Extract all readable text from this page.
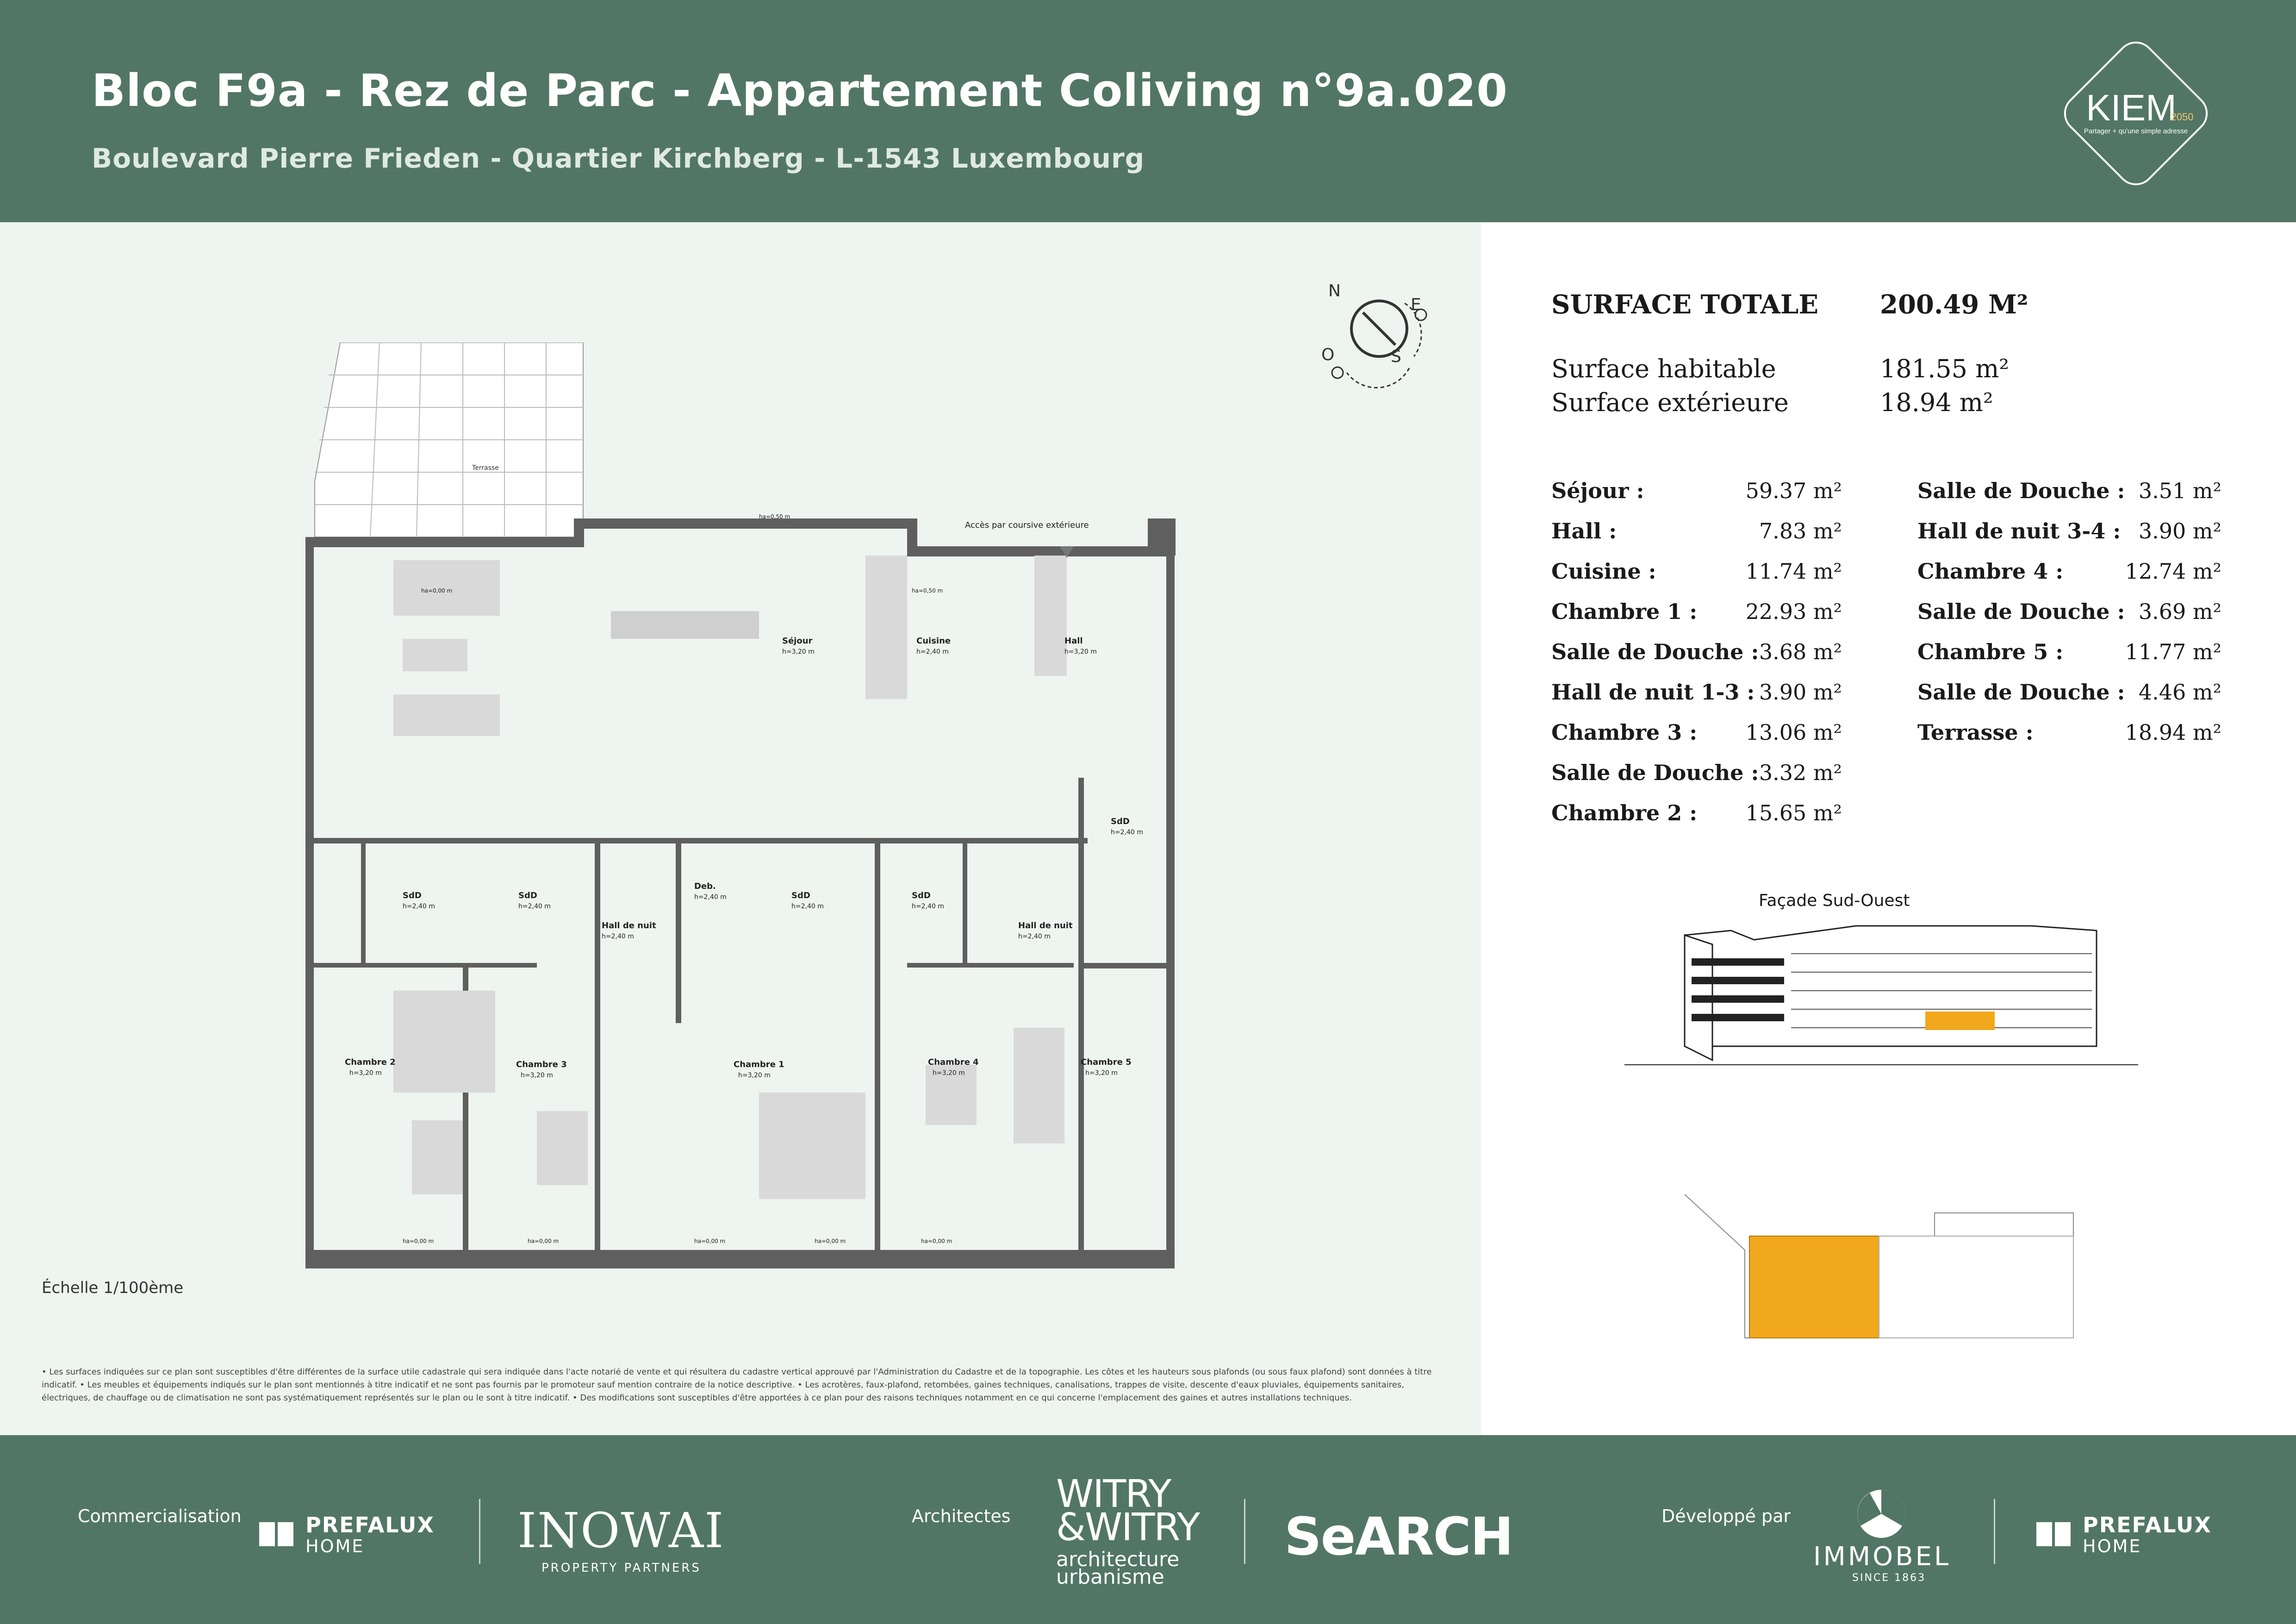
Bloc F9a - Rez de Parc - Appartement Coliving n°9a.020
Boulevard Pierre Frieden - Quartier Kirchberg - L-1543 Luxembourg
KIEM
2050
Partager + qu'une simple adresse
N
E
S
O
Terrasse
Séjour
h=3,20 m
Cuisine
h=2,40 m
Hall
h=3,20 m
SdD
h=2,40 m
SdD
h=2,40 m
SdD
h=2,40 m
SdD
h=2,40 m
SdD
h=2,40 m
Deb.
h=2,40 m
Hall de nuit
h=2,40 m
Hall de nuit
h=2,40 m
Chambre 2
h=3,20 m
Chambre 3
h=3,20 m
Chambre 1
h=3,20 m
Chambre 4
h=3,20 m
Chambre 5
h=3,20 m
Accès par coursive extérieure
ha=0,50 m
ha=0,00 m	ha=0,50 m
ha=0,00 m	ha=0,00 m	ha=0,00 m	ha=0,00 m	ha=0,00 m
Échelle 1/100ème
• Les surfaces indiquées sur ce plan sont susceptibles d'être différentes de la surface utile cadastrale qui sera indiquée dans l'acte notarié de vente et qui résultera du cadastre vertical approuvé par l'Administration du Cadastre et de la topographie. Les côtes et les hauteurs sous plafonds (ou sous faux plafond) sont données à titre indicatif. • Les meubles et équipements indiqués sur le plan sont mentionnés à titre indicatif et ne sont pas fournis par le promoteur sauf mention contraire de la notice descriptive. • Les acrotères, faux-plafond, retombées, gaines techniques, canalisations, trappes de visite, descente d'eaux pluviales, équipements sanitaires, électriques, de chauffage ou de climatisation ne sont pas systématiquement représentés sur le plan ou le sont à titre indicatif. • Des modifications sont susceptibles d'être apportées à ce plan pour des raisons techniques notamment en ce qui concerne l'emplacement des gaines et autres installations techniques.
SURFACE TOTALE 200.49 M²
Surface habitable	181.55 m²
Surface extérieure	18.94 m²
Séjour :	59.37 m²
Hall :	7.83 m²
Cuisine :	11.74 m²
Chambre 1 :	22.93 m²
Salle de Douche : 3.68 m²
Hall de nuit 1-3 : 3.90 m²
Chambre 3 :	13.06 m²
Salle de Douche : 3.32 m²
Chambre 2 :	15.65 m²
Salle de Douche : 3.51 m²
Hall de nuit 3-4 : 3.90 m²
Chambre 4 :	12.74 m²
Salle de Douche : 3.69 m²
Chambre 5 :	11.77 m²
Salle de Douche : 4.46 m²
Terrasse :	18.94 m²
Façade Sud-Ouest
Commercialisation	PREFALUX
HOME	INOWAI
PROPERTY PARTNERS
Architectes WITRY
&WITRY
architecture
urbanisme
SeARCH	Développé par
IMMOBEL
SINCE 1863
PREFALUX
HOME
